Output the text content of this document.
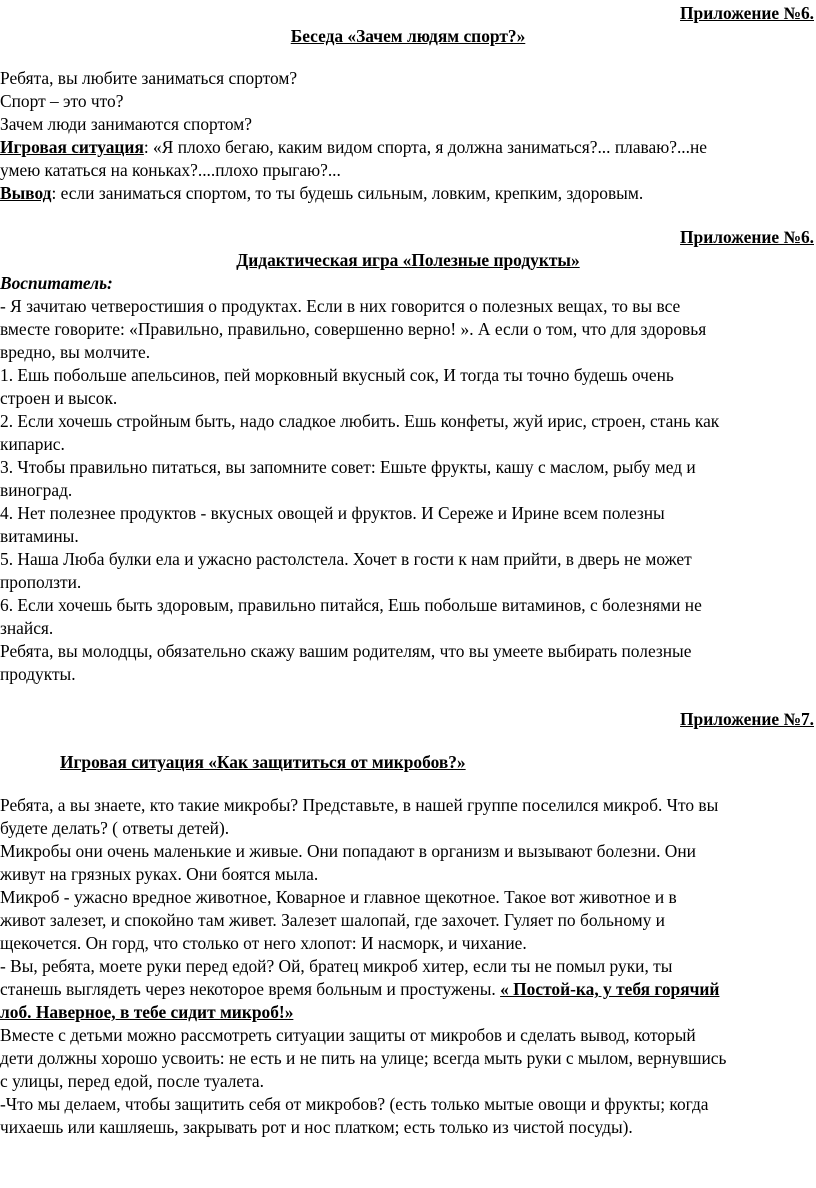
Приложение №6.
Беседа «Зачем людям спорт?»
Ребята, вы любите заниматься спортом?
Спорт – это что?
Зачем люди занимаются спортом?
Игровая ситуация: «Я плохо бегаю, каким видом спорта, я должна заниматься?... плаваю?...не
умею кататься на коньках?....плохо прыгаю?...
Вывод: если заниматься спортом, то ты будешь сильным, ловким, крепким, здоровым.
Приложение №6.
Дидактическая игра «Полезные продукты»
Воспитатель:
- Я зачитаю четверостишия о продуктах. Если в них говорится о полезных вещах, то вы все
вместе говорите: «Правильно, правильно, совершенно верно! ». А если о том, что для здоровья
вредно, вы молчите.
1. Ешь побольше апельсинов, пей морковный вкусный сок, И тогда ты точно будешь очень
строен и высок.
2. Если хочешь стройным быть, надо сладкое любить. Ешь конфеты, жуй ирис, строен, стань как
кипарис.
3. Чтобы правильно питаться, вы запомните совет: Ешьте фрукты, кашу с маслом, рыбу мед и
виноград.
4. Нет полезнее продуктов - вкусных овощей и фруктов. И Сереже и Ирине всем полезны
витамины.
5. Наша Люба булки ела и ужасно растолстела. Хочет в гости к нам прийти, в дверь не может
проползти.
6. Если хочешь быть здоровым, правильно питайся, Ешь побольше витаминов, с болезнями не
знайся.
Ребята, вы молодцы, обязательно скажу вашим родителям, что вы умеете выбирать полезные
продукты.
Приложение №7.
Игровая ситуация «Как защититься от микробов?»
Ребята, а вы знаете, кто такие микробы? Представьте, в нашей группе поселился микроб. Что вы
будете делать? ( ответы детей).
Микробы они очень маленькие и живые. Они попадают в организм и вызывают болезни. Они
живут на грязных руках. Они боятся мыла.
Микроб - ужасно вредное животное, Коварное и главное щекотное. Такое вот животное и в
живот залезет, и спокойно там живет. Залезет шалопай, где захочет. Гуляет по больному и
щекочется. Он горд, что столько от него хлопот: И насморк, и чихание.
- Вы, ребята, моете руки перед едой? Ой, братец микроб хитер, если ты не помыл руки, ты
станешь выглядеть через некоторое время больным и простужены. « Постой-ка, у тебя горячий
лоб. Наверное, в тебе сидит микроб!»
Вместе с детьми можно рассмотреть ситуации защиты от микробов и сделать вывод, который
дети должны хорошо усвоить: не есть и не пить на улице; всегда мыть руки с мылом, вернувшись
с улицы, перед едой, после туалета.
-Что мы делаем, чтобы защитить себя от микробов? (есть только мытые овощи и фрукты; когда
чихаешь или кашляешь, закрывать рот и нос платком; есть только из чистой посуды).
